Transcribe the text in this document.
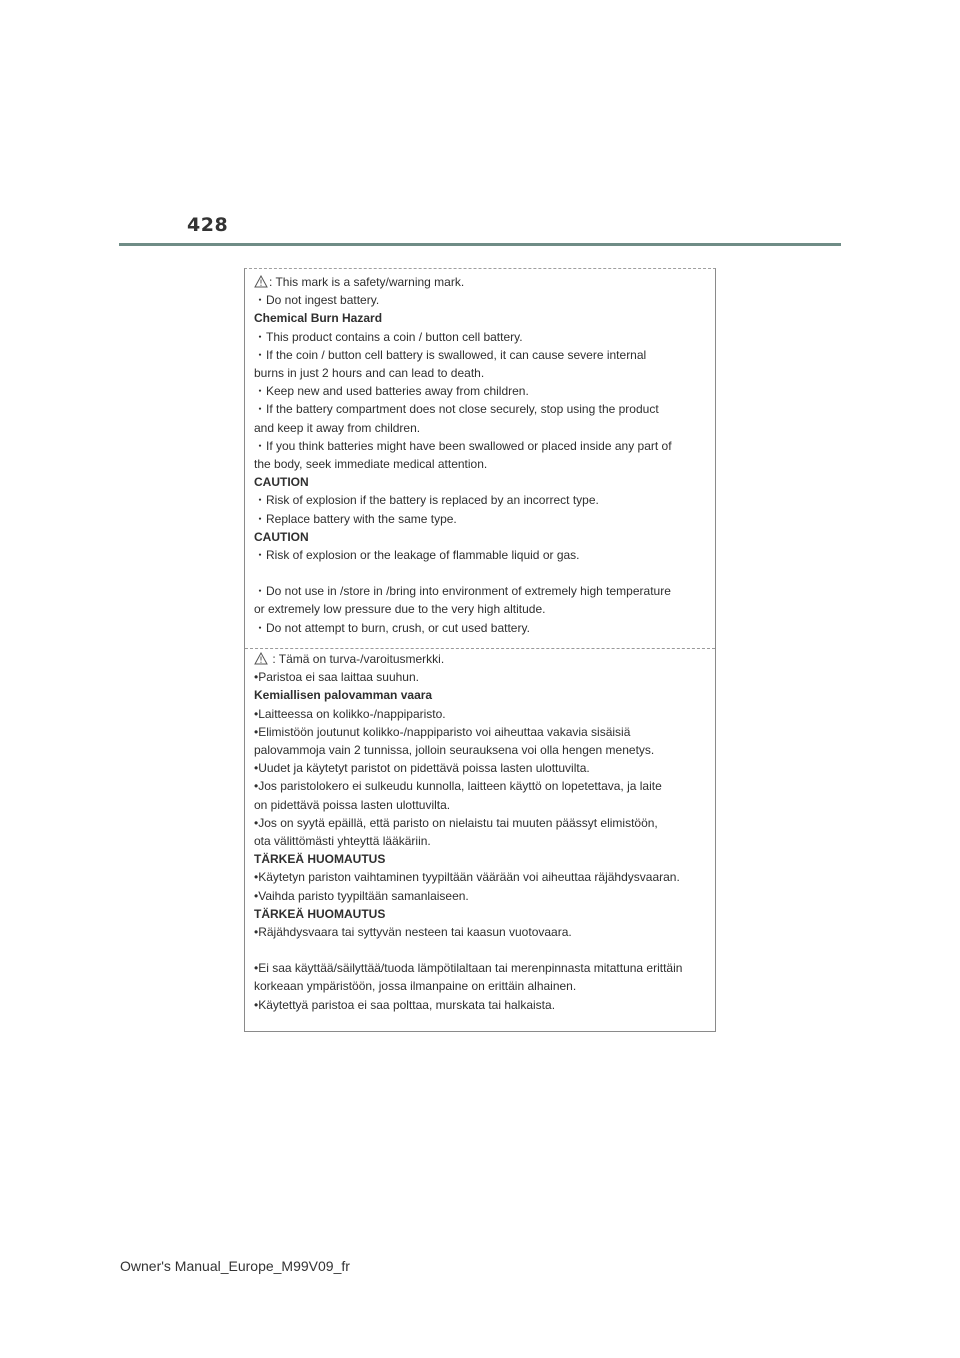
428
: This mark is a safety/warning mark.
・Do not ingest battery.
Chemical Burn Hazard
・This product contains a coin / button cell battery.
・If the coin / button cell battery is swallowed, it can cause severe internal
burns in just 2 hours and can lead to death.
・Keep new and used batteries away from children.
・If the battery compartment does not close securely, stop using the product
and keep it away from children.
・If you think batteries might have been swallowed or placed inside any part of
the body, seek immediate medical attention.
CAUTION
・Risk of explosion if the battery is replaced by an incorrect type.
・Replace battery with the same type.
CAUTION
・Risk of explosion or the leakage of flammable liquid or gas.
・Do not use in /store in /bring into environment of extremely high temperature
or extremely low pressure due to the very high altitude.
・Do not attempt to burn, crush, or cut used battery.
: Tämä on turva-/varoitusmerkki.
•Paristoa ei saa laittaa suuhun.
Kemiallisen palovamman vaara
•Laitteessa on kolikko-/nappiparisto.
•Elimistöön joutunut kolikko-/nappiparisto voi aiheuttaa vakavia sisäisiä
palovammoja vain 2 tunnissa, jolloin seurauksena voi olla hengen menetys.
•Uudet ja käytetyt paristot on pidettävä poissa lasten ulottuvilta.
•Jos paristolokero ei sulkeudu kunnolla, laitteen käyttö on lopetettava, ja laite
on pidettävä poissa lasten ulottuvilta.
•Jos on syytä epäillä, että paristo on nielaistu tai muuten päässyt elimistöön,
ota välittömästi yhteyttä lääkäriin.
TÄRKEÄ HUOMAUTUS
•Käytetyn pariston vaihtaminen tyypiltään väärään voi aiheuttaa räjähdysvaaran.
•Vaihda paristo tyypiltään samanlaiseen.
TÄRKEÄ HUOMAUTUS
•Räjähdysvaara tai syttyvän nesteen tai kaasun vuotovaara.
•Ei saa käyttää/säilyttää/tuoda lämpötilaltaan tai merenpinnasta mitattuna erittäin
korkeaan ympäristöön, jossa ilmanpaine on erittäin alhainen.
•Käytettyä paristoa ei saa polttaa, murskata tai halkaista.
Owner's Manual_Europe_M99V09_fr
